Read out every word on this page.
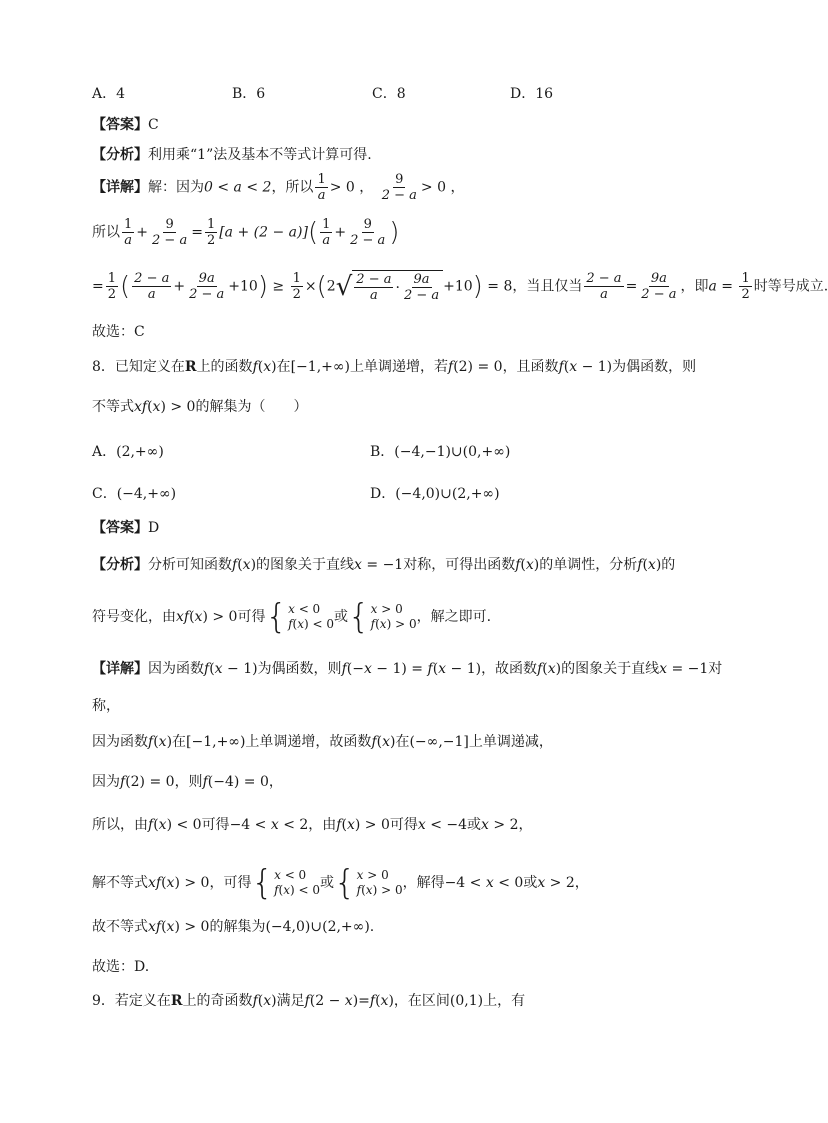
A．4	B．6	C．8	D．16
【答案】C
【分析】利用乘“1”法及基本不等式计算可得.
【详解】解：因为0 < a < 2，所以 $\frac{1}{a} > 0$ ， $\frac{9}{2 - a} > 0$ ，
所以 $\frac{1}{a} + \frac{9}{2 - a} = \frac{1}{2} [a + (2 - a)]( \frac{1}{a} + \frac{9}{2 - a}$ )
= $\frac{1}{2}$ ( $\frac{2 - a}{a} + \frac{9a}{2 - a} +10) \ge \frac{1}{2} \times(2$ √ $\frac{2 - a}{a} \cdot \frac{9a}{2 - a} +10) = 8$，当且仅当 $\frac{2 - a}{a} = \frac{9a}{2 - a}$ ，即$a = \frac{1}{2}$ 时等号成立.
故选：C
8．已知定义在R上的函数f(x)在[−1,+∞)上单调递增，若f(2) = 0，且函数f(x − 1)为偶函数，则
不等式xf(x) > 0的解集为（　　）
A．(2,+∞)	B．(−4,−1)∪(0,+∞)
C．(−4,+∞)	D．(−4,0)∪(2,+∞)
【答案】D
【分析】分析可知函数f(x)的图象关于直线x = −1对称，可得出函数f(x)的单调性，分析f(x)的
符号变化，由xf(x) > 0可得 { x < 0
f(x) < 0 或 { x > 0
f(x) > 0 ，解之即可.
【详解】因为函数f(x − 1)为偶函数，则f(−x − 1) = f(x − 1)，故函数f(x)的图象关于直线x = −1对
称，
因为函数f(x)在[−1,+∞)上单调递增，故函数f(x)在(−∞,−1]上单调递减，
因为f(2) = 0，则f(−4) = 0，
所以，由f(x) < 0可得−4 < x < 2，由f(x) > 0可得x < −4或x > 2，
解不等式xf(x) > 0，可得 { x < 0
f(x) < 0 或 { x > 0
f(x) > 0 ，解得−4 < x < 0或x > 2，
故不等式xf(x) > 0的解集为(−4,0)∪(2,+∞).
故选：D.
9．若定义在R上的奇函数f(x)满足f(2 − x)=f(x)，在区间(0,1)上，有
